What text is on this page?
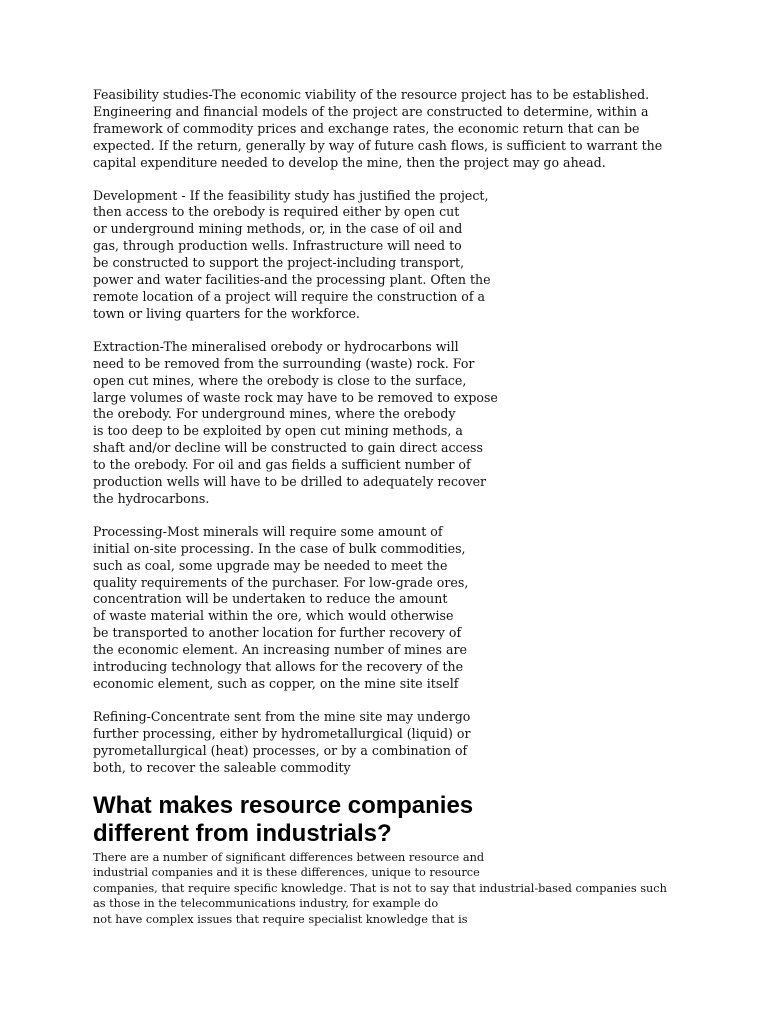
Feasibility studies-The economic viability of the resource project has to be established.
Engineering and financial models of the project are constructed to determine, within a
framework of commodity prices and exchange rates, the economic return that can be
expected. If the return, generally by way of future cash flows, is sufficient to warrant the
capital expenditure needed to develop the mine, then the project may go ahead.

Development - If the feasibility study has justified the project,
then access to the orebody is required either by open cut
or underground mining methods, or, in the case of oil and
gas, through production wells. Infrastructure will need to
be constructed to support the project-including transport,
power and water facilities-and the processing plant. Often the
remote location of a project will require the construction of a
town or living quarters for the workforce.

Extraction-The mineralised orebody or hydrocarbons will
need to be removed from the surrounding (waste) rock. For
open cut mines, where the orebody is close to the surface,
large volumes of waste rock may have to be removed to expose
the orebody. For underground mines, where the orebody
is too deep to be exploited by open cut mining methods, a
shaft and/or decline will be constructed to gain direct access
to the orebody. For oil and gas fields a sufficient number of
production wells will have to be drilled to adequately recover
the hydrocarbons.

Processing-Most minerals will require some amount of
initial on-site processing. In the case of bulk commodities,
such as coal, some upgrade may be needed to meet the
quality requirements of the purchaser. For low-grade ores,
concentration will be undertaken to reduce the amount
of waste material within the ore, which would otherwise
be transported to another location for further recovery of
the economic element. An increasing number of mines are
introducing technology that allows for the recovery of the
economic element, such as copper, on the mine site itself

Refining-Concentrate sent from the mine site may undergo
further processing, either by hydrometallurgical (liquid) or
pyrometallurgical (heat) processes, or by a combination of
both, to recover the saleable commodity

What makes resource companies
different from industrials?

There are a number of significant differences between resource and
industrial companies and it is these differences, unique to resource
companies, that require specific knowledge. That is not to say that industrial-based companies such
as those in the telecommunications industry, for example do
not have complex issues that require specialist knowledge that is
